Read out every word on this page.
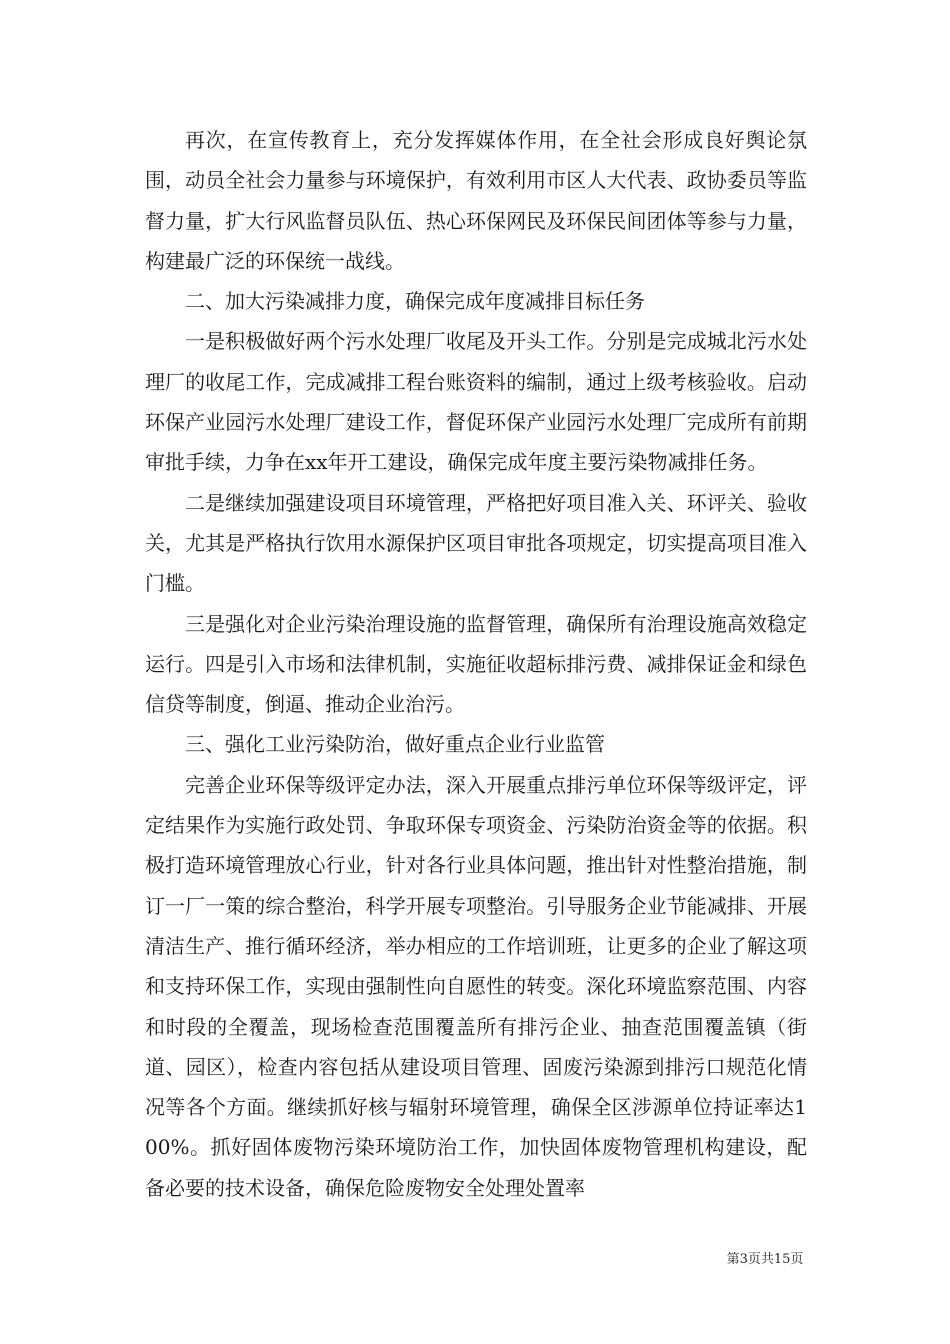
再次，在宣传教育上，充分发挥媒体作用，在全社会形成良好舆论氛围，动员全社会力量参与环境保护，有效利用市区人大代表、政协委员等监督力量，扩大行风监督员队伍、热心环保网民及环保民间团体等参与力量，构建最广泛的环保统一战线。

二、加大污染减排力度，确保完成年度减排目标任务

一是积极做好两个污水处理厂收尾及开头工作。分别是完成城北污水处理厂的收尾工作，完成减排工程台账资料的编制，通过上级考核验收。启动环保产业园污水处理厂建设工作，督促环保产业园污水处理厂完成所有前期审批手续，力争在xx年开工建设，确保完成年度主要污染物减排任务。

二是继续加强建设项目环境管理，严格把好项目准入关、环评关、验收关，尤其是严格执行饮用水源保护区项目审批各项规定，切实提高项目准入门槛。

三是强化对企业污染治理设施的监督管理，确保所有治理设施高效稳定运行。四是引入市场和法律机制，实施征收超标排污费、减排保证金和绿色信贷等制度，倒逼、推动企业治污。

三、强化工业污染防治，做好重点企业行业监管

完善企业环保等级评定办法，深入开展重点排污单位环保等级评定，评定结果作为实施行政处罚、争取环保专项资金、污染防治资金等的依据。积极打造环境管理放心行业，针对各行业具体问题，推出针对性整治措施，制订一厂一策的综合整治，科学开展专项整治。引导服务企业节能减排、开展清洁生产、推行循环经济，举办相应的工作培训班，让更多的企业了解这项和支持环保工作，实现由强制性向自愿性的转变。深化环境监察范围、内容和时段的全覆盖，现场检查范围覆盖所有排污企业、抽查范围覆盖镇（街道、园区），检查内容包括从建设项目管理、固废污染源到排污口规范化情况等各个方面。继续抓好核与辐射环境管理，确保全区涉源单位持证率达100%。抓好固体废物污染环境防治工作，加快固体废物管理机构建设，配备必要的技术设备，确保危险废物安全处理处置率

第3页共15页
